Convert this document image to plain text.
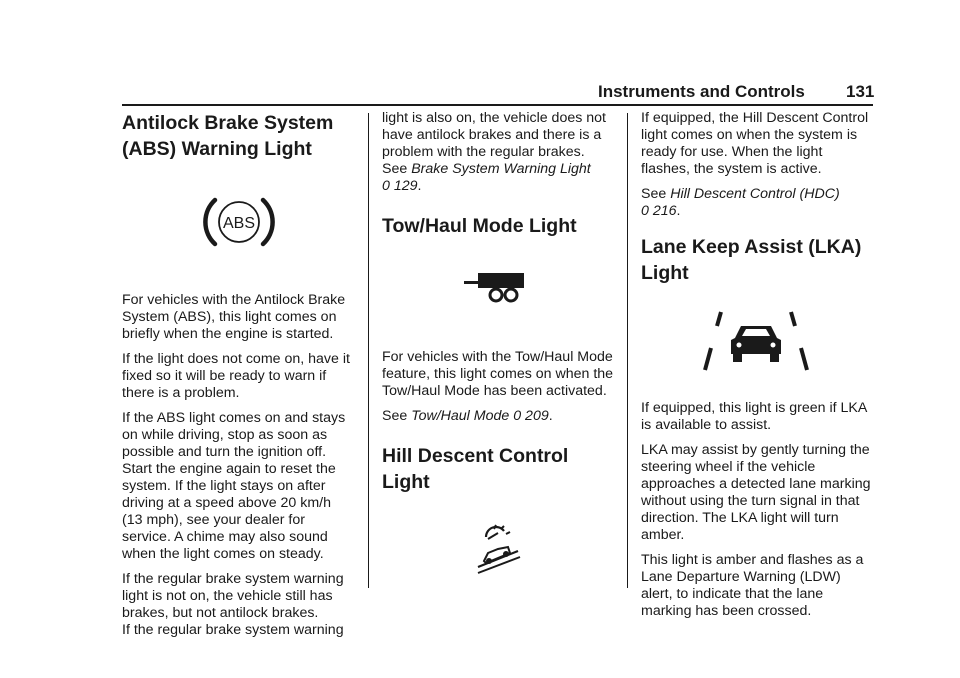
Instruments and Controls 131
Antilock Brake System
(ABS) Warning Light
ABS

For vehicles with the Antilock Brake System (ABS), this light comes on briefly when the engine is started.

If the light does not come on, have it fixed so it will be ready to warn if there is a problem.

If the ABS light comes on and stays on while driving, stop as soon as possible and turn the ignition off. Start the engine again to reset the system. If the light stays on after driving at a speed above 20 km/h (13 mph), see your dealer for service. A chime may also sound when the light comes on steady.

If the regular brake system warning light is not on, the vehicle still has brakes, but not antilock brakes.

If the regular brake system warning

light is also on, the vehicle does not have antilock brakes and there is a problem with the regular brakes.
See Brake System Warning Light
0 129.

Tow/Haul Mode Light

For vehicles with the Tow/Haul Mode feature, this light comes on when the Tow/Haul Mode has been activated.

See Tow/Haul Mode 0 209.

Hill Descent Control Light

If equipped, the Hill Descent Control light comes on when the system is ready for use. When the light flashes, the system is active.

See Hill Descent Control (HDC)
0 216.

Lane Keep Assist (LKA)
Light

If equipped, this light is green if LKA is available to assist.

LKA may assist by gently turning the steering wheel if the vehicle approaches a detected lane marking without using the turn signal in that direction. The LKA light will turn amber.

This light is amber and flashes as a Lane Departure Warning (LDW) alert, to indicate that the lane marking has been crossed.
